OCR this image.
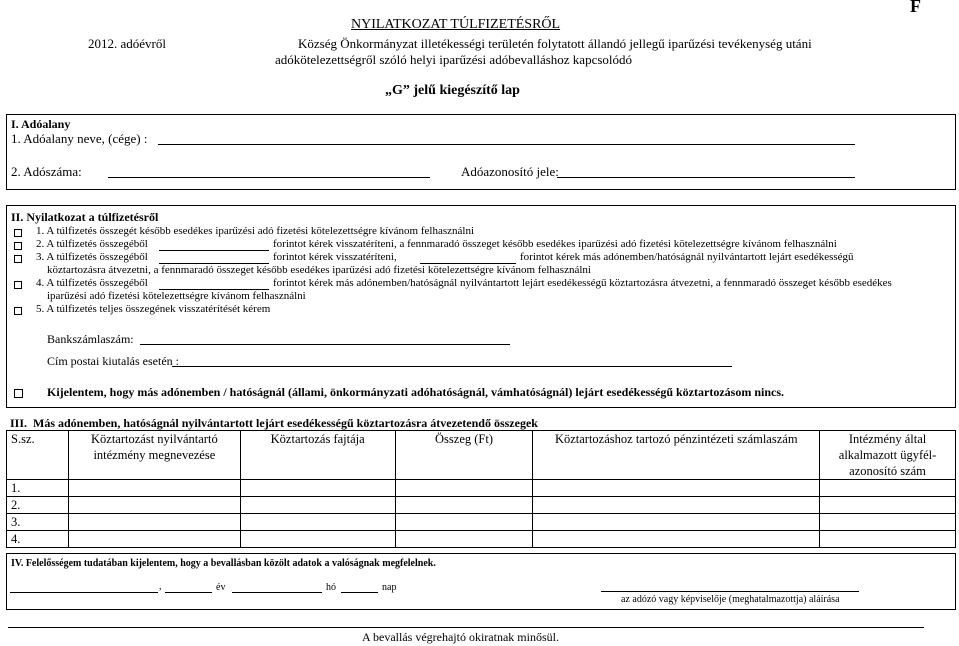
NYILATKOZAT TÚLFIZETÉSRŐL
F
2012. adóévről	Község Önkormányzat illetékességi területén folytatott állandó jellegű iparűzési tevékenység utáni
adókötelezettségről szóló helyi iparűzési adóbevalláshoz kapcsolódó
„G” jelű kiegészítő lap
I. Adóalany
1. Adóalany neve, (cége) :
2. Adószáma:	Adóazonosító jele:
II. Nyilatkozat a túlfizetésről
1. A túlfizetés összegét később esedékes iparűzési adó fizetési kötelezettségre kívánom felhasználni
2. A túlfizetés összegéből	forintot kérek visszatéríteni, a fennmaradó összeget később esedékes iparűzési adó fizetési kötelezettségre kívánom felhasználni
3. A túlfizetés összegéből	forintot kérek visszatéríteni,	forintot kérek más adónemben/hatóságnál nyilvántartott lejárt esedékességű
köztartozásra átvezetni, a fennmaradó összeget később esedékes iparűzési adó fizetési kötelezettségre kívánom felhasználni
4. A túlfizetés összegéből	forintot kérek más adónemben/hatóságnál nyilvántartott lejárt esedékességű köztartozásra átvezetni, a fennmaradó összeget később esedékes
iparűzési adó fizetési kötelezettségre kívánom felhasználni
5. A túlfizetés teljes összegének visszatérítését kérem
Bankszámlaszám:
Cím postai kiutalás esetén :
Kijelentem, hogy más adónemben / hatóságnál (állami, önkormányzati adóhatóságnál, vámhatóságnál) lejárt esedékességű köztartozásom nincs.
III. Más adónemben, hatóságnál nyilvántartott lejárt esedékességű köztartozásra átvezetendő összegek
S.sz.	Köztartozást nyilvántartó intézmény megnevezése	Köztartozás fajtája	Összeg (Ft)	Köztartozáshoz tartozó pénzintézeti számlaszám	Intézmény által alkalmazott ügyfél-azonosító szám
1.					
2.					
3.					
4.					
IV. Felelősségem tudatában kijelentem, hogy a bevallásban közölt adatok a valóságnak megfelelnek.
,	év	hó	nap
az adózó vagy képviselője (meghatalmazottja) aláírása
A bevallás végrehajtó okiratnak minősül.
